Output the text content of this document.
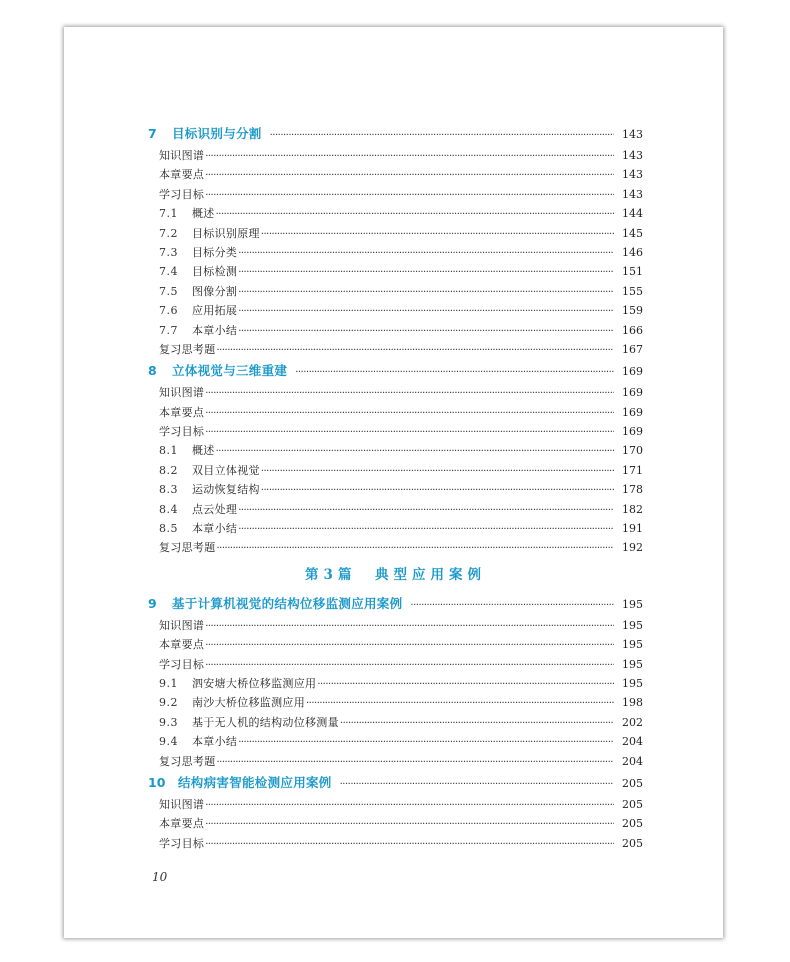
7	目标识别与分割 ·····	143
知识图谱 ·····	143
本章要点 ·····	143
学习目标 ·····	143
7.1	概述 ·····	144
7.2	目标识别原理 ·····	145
7.3	目标分类 ·····	146
7.4	目标检测 ·····	151
7.5	图像分割 ·····	155
7.6	应用拓展 ·····	159
7.7	本章小结 ·····	166
复习思考题 ·····	167
8	立体视觉与三维重建 ·····	169
知识图谱 ·····	169
本章要点 ·····	169
学习目标 ·····	169
8.1	概述 ·····	170
8.2	双目立体视觉 ·····	171
8.3	运动恢复结构 ·····	178
8.4	点云处理 ·····	182
8.5	本章小结 ·····	191
复习思考题 ·····	192
第3篇　典型应用案例
9	基于计算机视觉的结构位移监测应用案例 ·····	195
知识图谱 ·····	195
本章要点 ·····	195
学习目标 ·····	195
9.1	泗安塘大桥位移监测应用 ·····	195
9.2	南沙大桥位移监测应用 ·····	198
9.3	基于无人机的结构动位移测量 ·····	202
9.4	本章小结 ·····	204
复习思考题 ·····	204
10	结构病害智能检测应用案例 ·····	205
知识图谱 ·····	205
本章要点 ·····	205
学习目标 ·····	205
10
